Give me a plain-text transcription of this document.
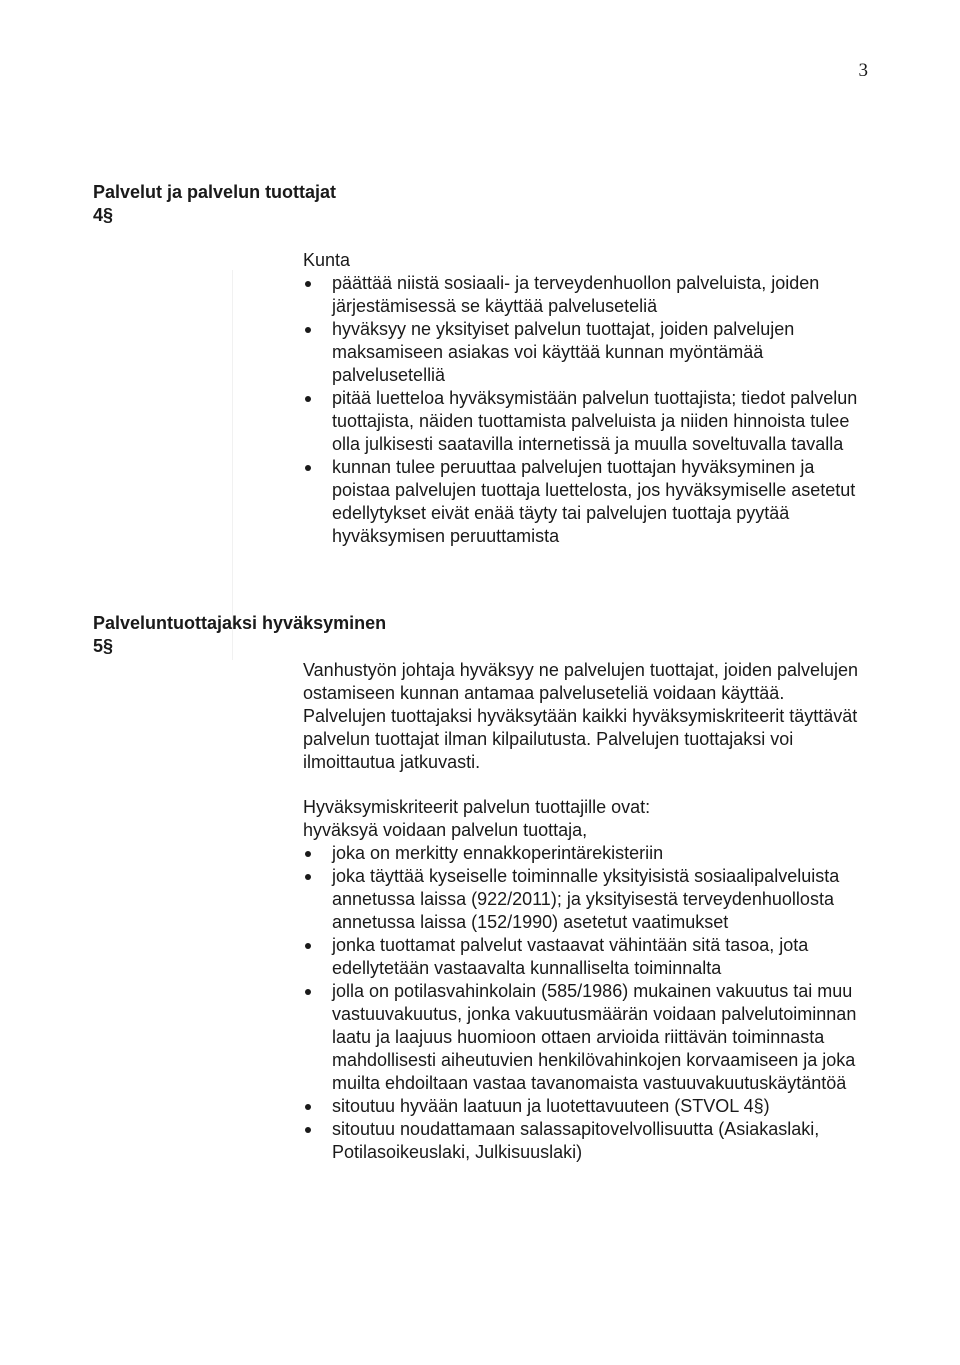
3

Palvelut ja palvelun tuottajat

4§

Kunta

päättää niistä sosiaali- ja terveydenhuollon palveluista, joiden järjestämisessä se käyttää palveluseteliä
hyväksyy ne yksityiset palvelun tuottajat, joiden palvelujen maksamiseen asiakas voi käyttää kunnan myöntämää palvelusetelliä
pitää luetteloa hyväksymistään palvelun tuottajista; tiedot palvelun tuottajista, näiden tuottamista palveluista ja niiden hinnoista tulee olla julkisesti saatavilla internetissä ja muulla soveltuvalla tavalla
kunnan tulee peruuttaa palvelujen tuottajan hyväksyminen ja poistaa palvelujen tuottaja luettelosta, jos hyväksymiselle asetetut edellytykset eivät enää täyty tai palvelujen tuottaja pyytää hyväksymisen peruuttamista

Palveluntuottajaksi hyväksyminen

5§

Vanhustyön johtaja hyväksyy ne palvelujen tuottajat, joiden palvelujen ostamiseen kunnan antamaa palveluseteliä voidaan käyttää. Palvelujen tuottajaksi hyväksytään kaikki hyväksymiskriteerit täyttävät palvelun tuottajat ilman kilpailutusta. Palvelujen tuottajaksi voi ilmoittautua jatkuvasti.

Hyväksymiskriteerit palvelun tuottajille ovat:

hyväksyä voidaan palvelun tuottaja,

joka on merkitty ennakkoperintärekisteriin
joka täyttää kyseiselle toiminnalle yksityisistä sosiaalipalveluista annetussa laissa (922/2011); ja yksityisestä terveydenhuollosta annetussa laissa (152/1990) asetetut vaatimukset
jonka tuottamat palvelut vastaavat vähintään sitä tasoa, jota edellytetään vastaavalta kunnalliselta toiminnalta
jolla on potilasvahinkolain (585/1986) mukainen vakuutus tai muu vastuuvakuutus, jonka vakuutusmäärän voidaan palvelutoiminnan laatu ja laajuus huomioon ottaen arvioida riittävän toiminnasta mahdollisesti aiheutuvien henkilövahinkojen korvaamiseen ja joka muilta ehdoiltaan vastaa tavanomaista vastuuvakuutuskäytäntöä
sitoutuu hyvään laatuun ja luotettavuuteen (STVOL 4§)
sitoutuu noudattamaan salassapitovelvollisuutta (Asiakaslaki, Potilasoikeuslaki, Julkisuuslaki)
